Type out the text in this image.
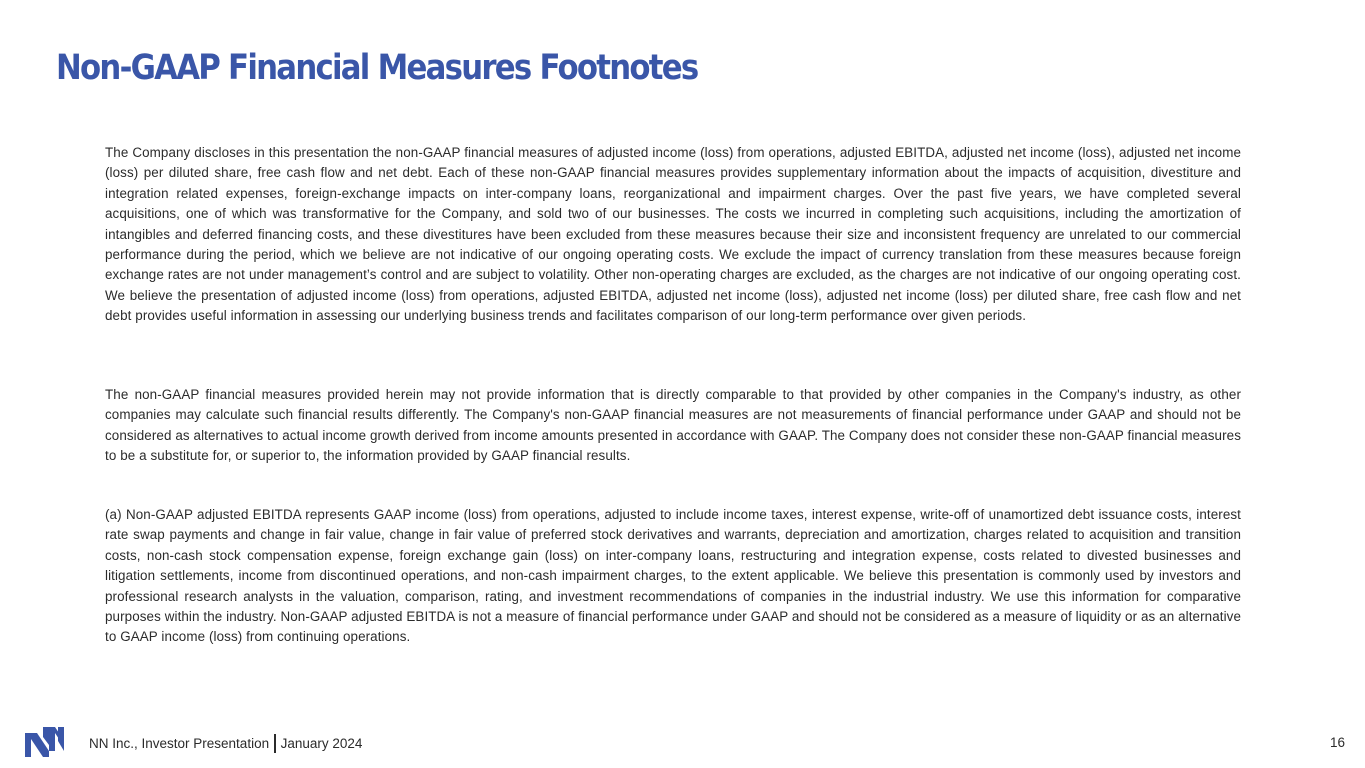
Non-GAAP Financial Measures Footnotes

The Company discloses in this presentation the non-GAAP financial measures of adjusted income (loss) from operations, adjusted EBITDA, adjusted net income (loss), adjusted net income (loss) per diluted share, free cash flow and net debt. Each of these non-GAAP financial measures provides supplementary information about the impacts of acquisition, divestiture and integration related expenses, foreign-exchange impacts on inter-company loans, reorganizational and impairment charges. Over the past five years, we have completed several acquisitions, one of which was transformative for the Company, and sold two of our businesses. The costs we incurred in completing such acquisitions, including the amortization of intangibles and deferred financing costs, and these divestitures have been excluded from these measures because their size and inconsistent frequency are unrelated to our commercial performance during the period, which we believe are not indicative of our ongoing operating costs. We exclude the impact of currency translation from these measures because foreign exchange rates are not under management’s control and are subject to volatility. Other non-operating charges are excluded, as the charges are not indicative of our ongoing operating cost. We believe the presentation of adjusted income (loss) from operations, adjusted EBITDA, adjusted net income (loss), adjusted net income (loss) per diluted share, free cash flow and net debt provides useful information in assessing our underlying business trends and facilitates comparison of our long-term performance over given periods.

The non-GAAP financial measures provided herein may not provide information that is directly comparable to that provided by other companies in the Company's industry, as other companies may calculate such financial results differently. The Company's non-GAAP financial measures are not measurements of financial performance under GAAP and should not be considered as alternatives to actual income growth derived from income amounts presented in accordance with GAAP. The Company does not consider these non-GAAP financial measures to be a substitute for, or superior to, the information provided by GAAP financial results.

(a) Non-GAAP adjusted EBITDA represents GAAP income (loss) from operations, adjusted to include income taxes, interest expense, write-off of unamortized debt issuance costs, interest rate swap payments and change in fair value, change in fair value of preferred stock derivatives and warrants, depreciation and amortization, charges related to acquisition and transition costs, non-cash stock compensation expense, foreign exchange gain (loss) on inter-company loans, restructuring and integration expense, costs related to divested businesses and litigation settlements, income from discontinued operations, and non-cash impairment charges, to the extent applicable. We believe this presentation is commonly used by investors and professional research analysts in the valuation, comparison, rating, and investment recommendations of companies in the industrial industry. We use this information for comparative purposes within the industry. Non-GAAP adjusted EBITDA is not a measure of financial performance under GAAP and should not be considered as a measure of liquidity or as an alternative to GAAP income (loss) from continuing operations.

NN Inc., Investor Presentation January 2024	16
